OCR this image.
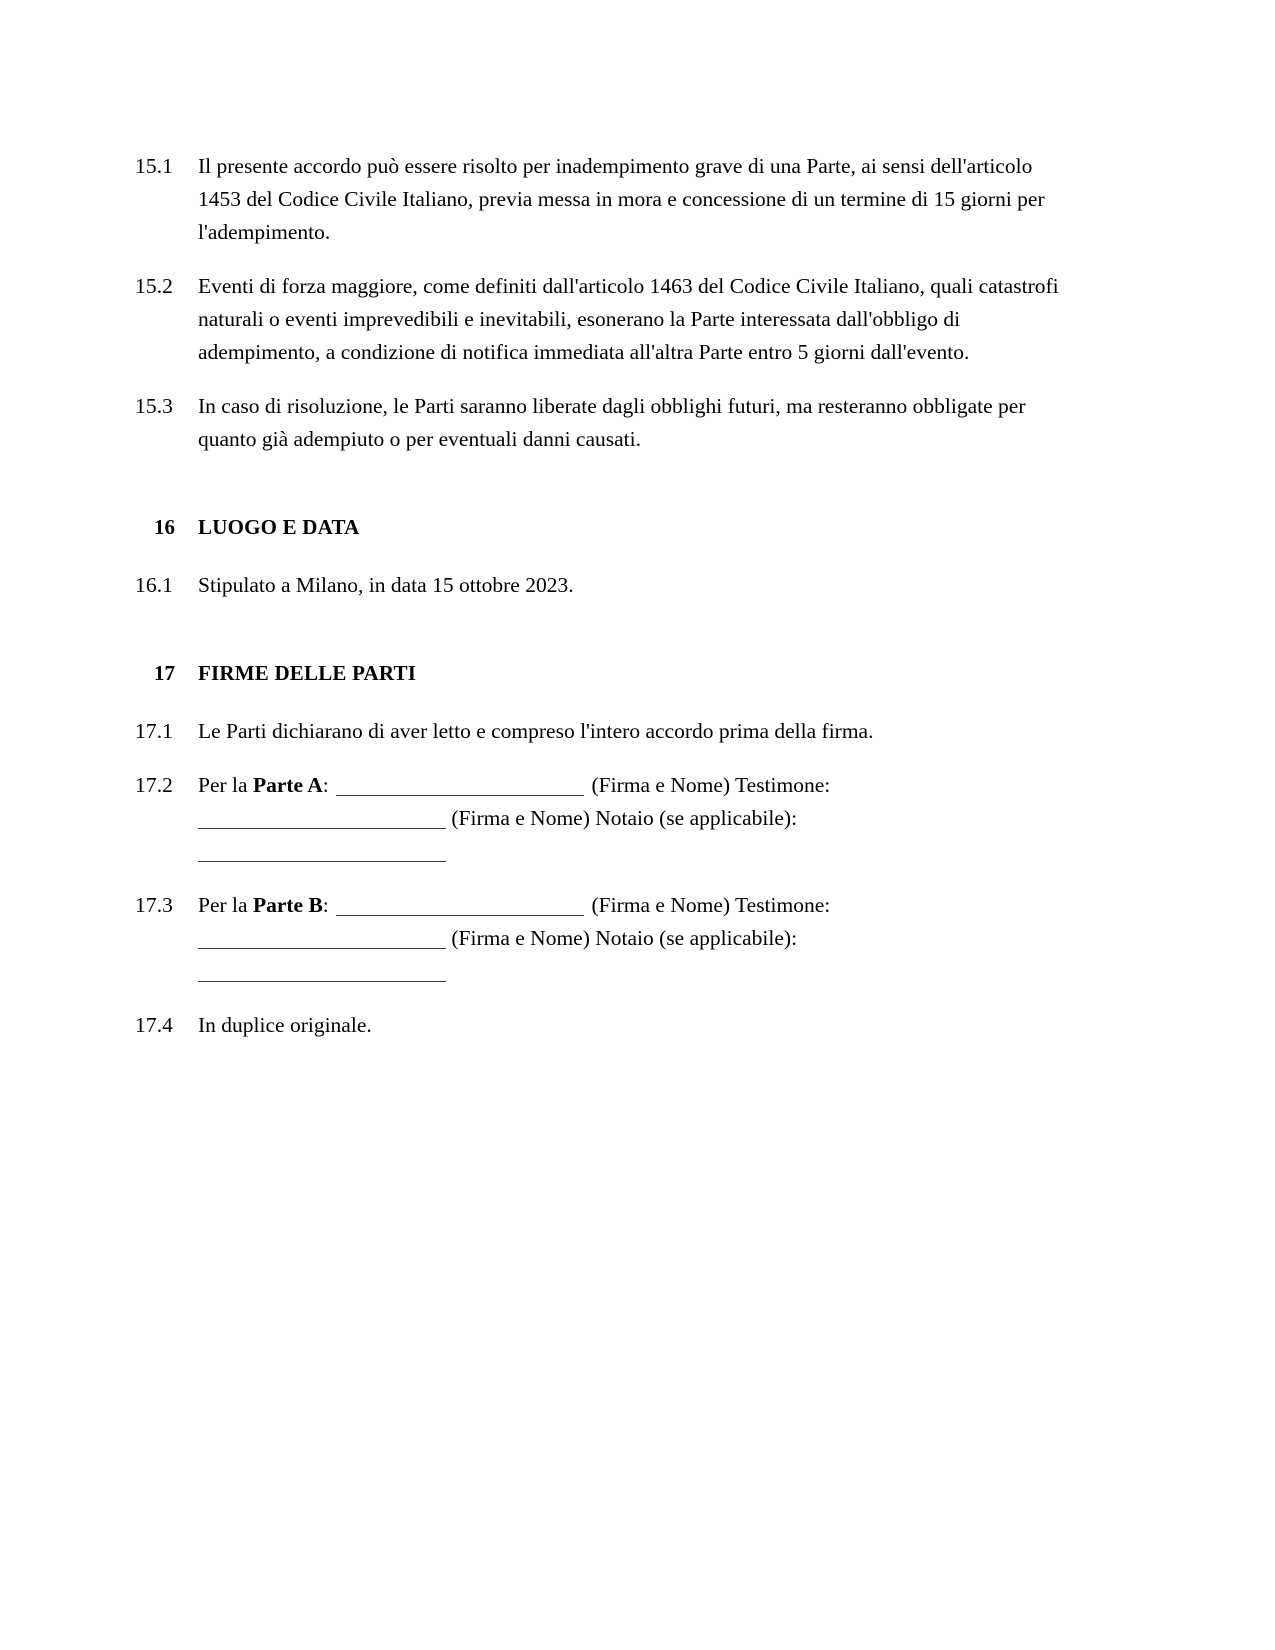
15.1 Il presente accordo può essere risolto per inadempimento grave di una Parte, ai sensi dell'articolo 1453 del Codice Civile Italiano, previa messa in mora e concessione di un termine di 15 giorni per l'adempimento.
15.2 Eventi di forza maggiore, come definiti dall'articolo 1463 del Codice Civile Italiano, quali catastrofi naturali o eventi imprevedibili e inevitabili, esonerano la Parte interessata dall'obbligo di adempimento, a condizione di notifica immediata all'altra Parte entro 5 giorni dall'evento.
15.3 In caso di risoluzione, le Parti saranno liberate dagli obblighi futuri, ma resteranno obbligate per quanto già adempiuto o per eventuali danni causati.
16 LUOGO E DATA
16.1 Stipulato a Milano, in data 15 ottobre 2023.
17 FIRME DELLE PARTI
17.1 Le Parti dichiarano di aver letto e compreso l'intero accordo prima della firma.
17.2 Per la Parte A:	(Firma e Nome) Testimone:
(Firma e Nome) Notaio (se applicabile):

17.3 Per la Parte B:	(Firma e Nome) Testimone:
(Firma e Nome) Notaio (se applicabile):

17.4 In duplice originale.
